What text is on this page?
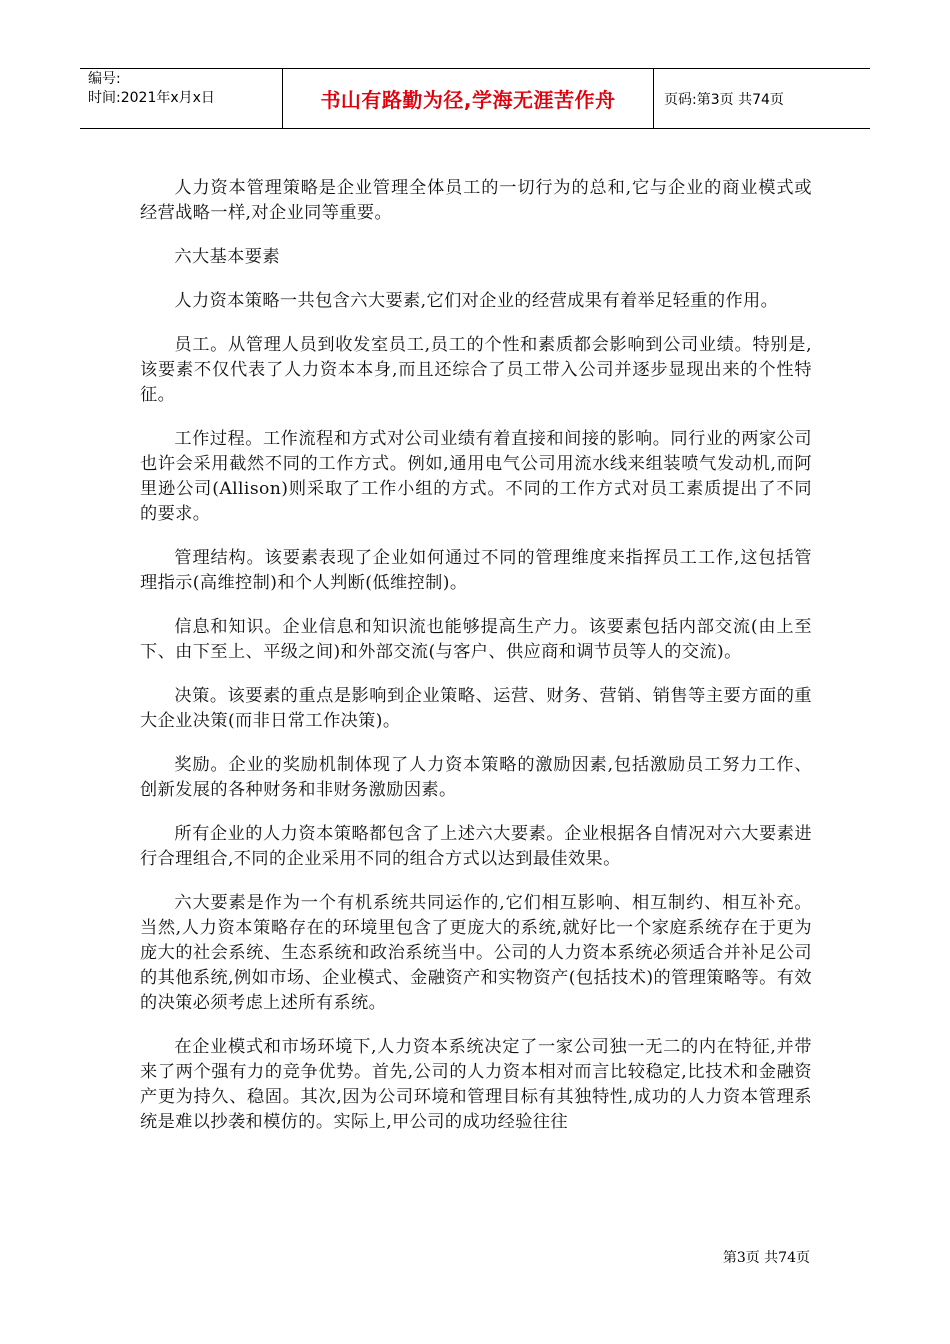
编号:
时间:2021年x月x日	书山有路勤为径,学海无涯苦作舟	页码:第3页 共74页

人力资本管理策略是企业管理全体员工的一切行为的总和,它与企业的商业模式或经营战略一样,对企业同等重要。

六大基本要素

人力资本策略一共包含六大要素,它们对企业的经营成果有着举足轻重的作用。

员工。从管理人员到收发室员工,员工的个性和素质都会影响到公司业绩。特别是,该要素不仅代表了人力资本本身,而且还综合了员工带入公司并逐步显现出来的个性特征。

工作过程。工作流程和方式对公司业绩有着直接和间接的影响。同行业的两家公司也许会采用截然不同的工作方式。例如,通用电气公司用流水线来组装喷气发动机,而阿里逊公司(Allison)则采取了工作小组的方式。不同的工作方式对员工素质提出了不同的要求。

管理结构。该要素表现了企业如何通过不同的管理维度来指挥员工工作,这包括管理指示(高维控制)和个人判断(低维控制)。

信息和知识。企业信息和知识流也能够提高生产力。该要素包括内部交流(由上至下、由下至上、平级之间)和外部交流(与客户、供应商和调节员等人的交流)。

决策。该要素的重点是影响到企业策略、运营、财务、营销、销售等主要方面的重大企业决策(而非日常工作决策)。

奖励。企业的奖励机制体现了人力资本策略的激励因素,包括激励员工努力工作、创新发展的各种财务和非财务激励因素。

所有企业的人力资本策略都包含了上述六大要素。企业根据各自情况对六大要素进行合理组合,不同的企业采用不同的组合方式以达到最佳效果。

六大要素是作为一个有机系统共同运作的,它们相互影响、相互制约、相互补充。当然,人力资本策略存在的环境里包含了更庞大的系统,就好比一个家庭系统存在于更为庞大的社会系统、生态系统和政治系统当中。公司的人力资本系统必须适合并补足公司的其他系统,例如市场、企业模式、金融资产和实物资产(包括技术)的管理策略等。有效的决策必须考虑上述所有系统。

在企业模式和市场环境下,人力资本系统决定了一家公司独一无二的内在特征,并带来了两个强有力的竞争优势。首先,公司的人力资本相对而言比较稳定,比技术和金融资产更为持久、稳固。其次,因为公司环境和管理目标有其独特性,成功的人力资本管理系统是难以抄袭和模仿的。实际上,甲公司的成功经验往往

第3页 共74页
